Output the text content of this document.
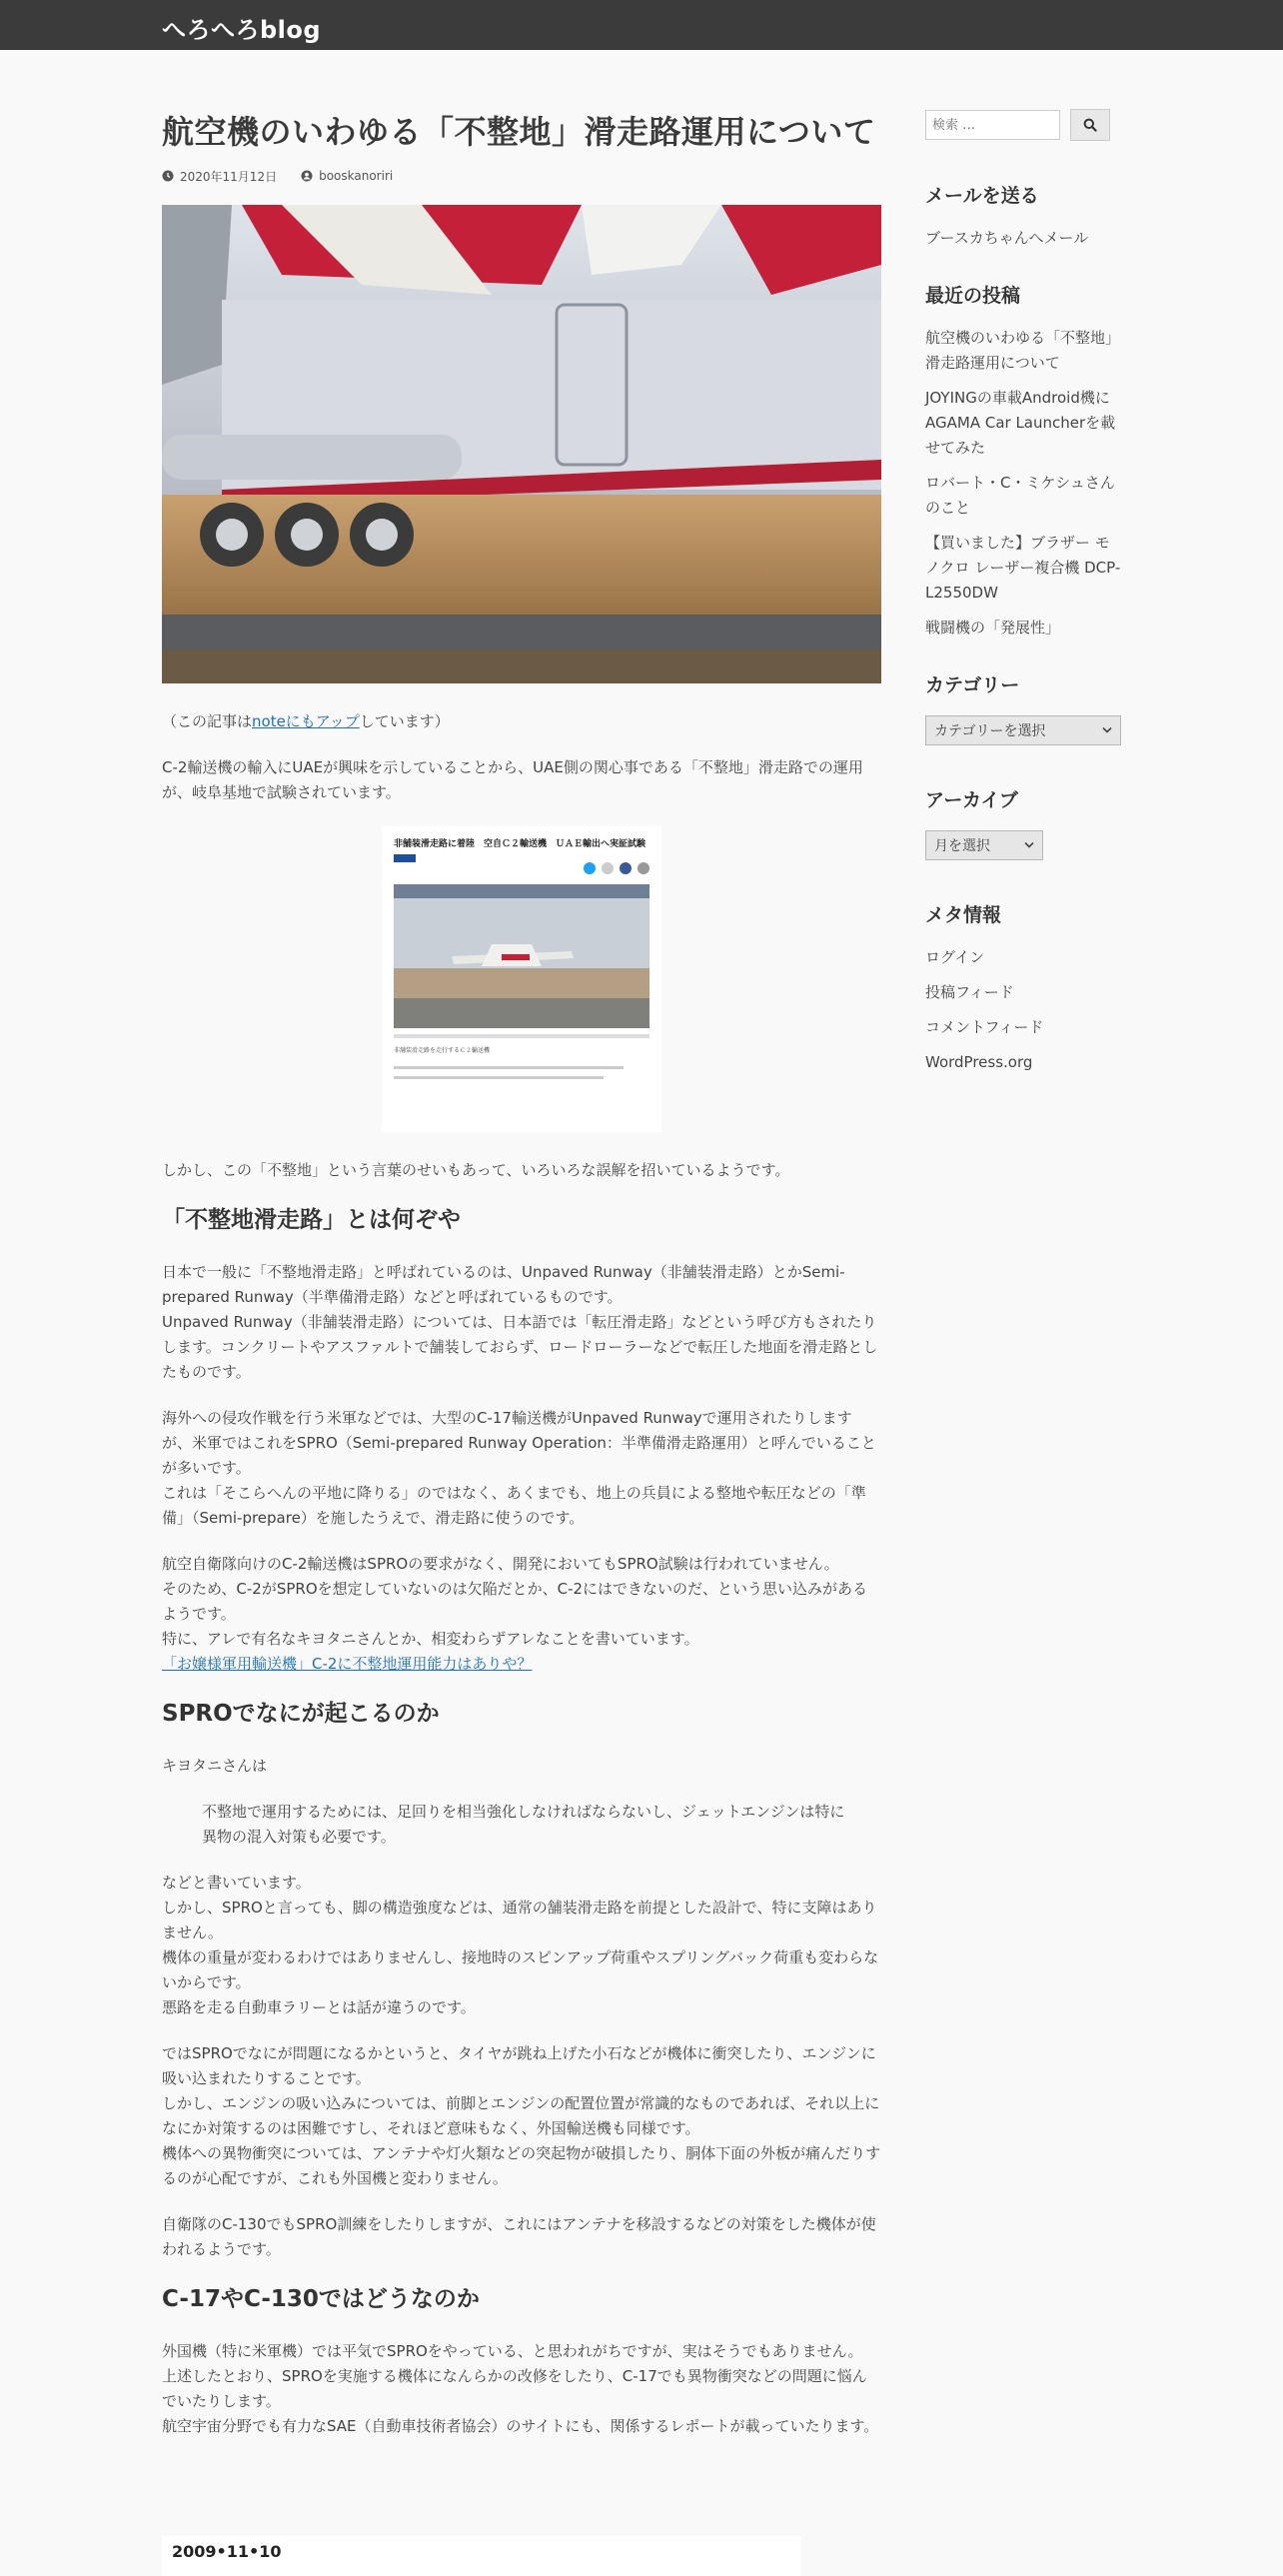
へろへろblog
航空機のいわゆる「不整地」滑走路運用について
2020年11月12日	booskanoriri

（この記事はnoteにもアップしています）

C-2輸送機の輸入にUAEが興味を示していることから、UAE側の関心事である「不整地」滑走路での運用が、岐阜基地で試験されています。

非舗装滑走路に着陸　空自Ｃ２輸送機　ＵＡＥ輸出へ実証試験
非舗装滑走路を走行するＣ２輸送機

しかし、この「不整地」という言葉のせいもあって、いろいろな誤解を招いているようです。

「不整地滑走路」とは何ぞや

日本で一般に「不整地滑走路」と呼ばれているのは、Unpaved Runway（非舗装滑走路）とかSemi-prepared Runway（半準備滑走路）などと呼ばれているものです。
Unpaved Runway（非舗装滑走路）については、日本語では「転圧滑走路」などという呼び方もされたりします。コンクリートやアスファルトで舗装しておらず、ロードローラーなどで転圧した地面を滑走路としたものです。

海外への侵攻作戦を行う米軍などでは、大型のC-17輸送機がUnpaved Runwayで運用されたりしますが、米軍ではこれをSPRO（Semi-prepared Runway Operation：半準備滑走路運用）と呼んでいることが多いです。
これは「そこらへんの平地に降りる」のではなく、あくまでも、地上の兵員による整地や転圧などの「準備」（Semi-prepare）を施したうえで、滑走路に使うのです。

航空自衛隊向けのC-2輸送機はSPROの要求がなく、開発においてもSPRO試験は行われていません。
そのため、C-2がSPROを想定していないのは欠陥だとか、C-2にはできないのだ、という思い込みがあるようです。
特に、アレで有名なキヨタニさんとか、相変わらずアレなことを書いています。
「お嬢様軍用輸送機」C-2に不整地運用能力はありや？

SPROでなにが起こるのか

キヨタニさんは

不整地で運用するためには、足回りを相当強化しなければならないし、ジェットエンジンは特に異物の混入対策も必要です。

などと書いています。
しかし、SPROと言っても、脚の構造強度などは、通常の舗装滑走路を前提とした設計で、特に支障はありません。
機体の重量が変わるわけではありませんし、接地時のスピンアップ荷重やスプリングバック荷重も変わらないからです。
悪路を走る自動車ラリーとは話が違うのです。

ではSPROでなにが問題になるかというと、タイヤが跳ね上げた小石などが機体に衝突したり、エンジンに吸い込まれたりすることです。
しかし、エンジンの吸い込みについては、前脚とエンジンの配置位置が常識的なものであれば、それ以上になにか対策するのは困難ですし、それほど意味もなく、外国輸送機も同様です。
機体への異物衝突については、アンテナや灯火類などの突起物が破損したり、胴体下面の外板が痛んだりするのが心配ですが、これも外国機と変わりません。

自衛隊のC-130でもSPRO訓練をしたりしますが、これにはアンテナを移設するなどの対策をした機体が使われるようです。

C-17やC-130ではどうなのか

外国機（特に米軍機）では平気でSPROをやっている、と思われがちですが、実はそうでもありません。
上述したとおり、SPROを実施する機体になんらかの改修をしたり、C-17でも異物衝突などの問題に悩んでいたりします。
航空宇宙分野でも有力なSAE（自動車技術者協会）のサイトにも、関係するレポートが載っていたります。

2009•11•10
検索 …
メールを送る
ブースカちゃんへメール
最近の投稿
航空機のいわゆる「不整地」滑走路運用について
JOYINGの車載Android機にAGAMA Car Launcherを載せてみた
ロバート・C・ミケシュさんのこと
【買いました】ブラザー モノクロ レーザー複合機 DCP-L2550DW
戦闘機の「発展性」
カテゴリー
カテゴリーを選択
アーカイブ
月を選択
メタ情報
ログイン
投稿フィード
コメントフィード
WordPress.org
